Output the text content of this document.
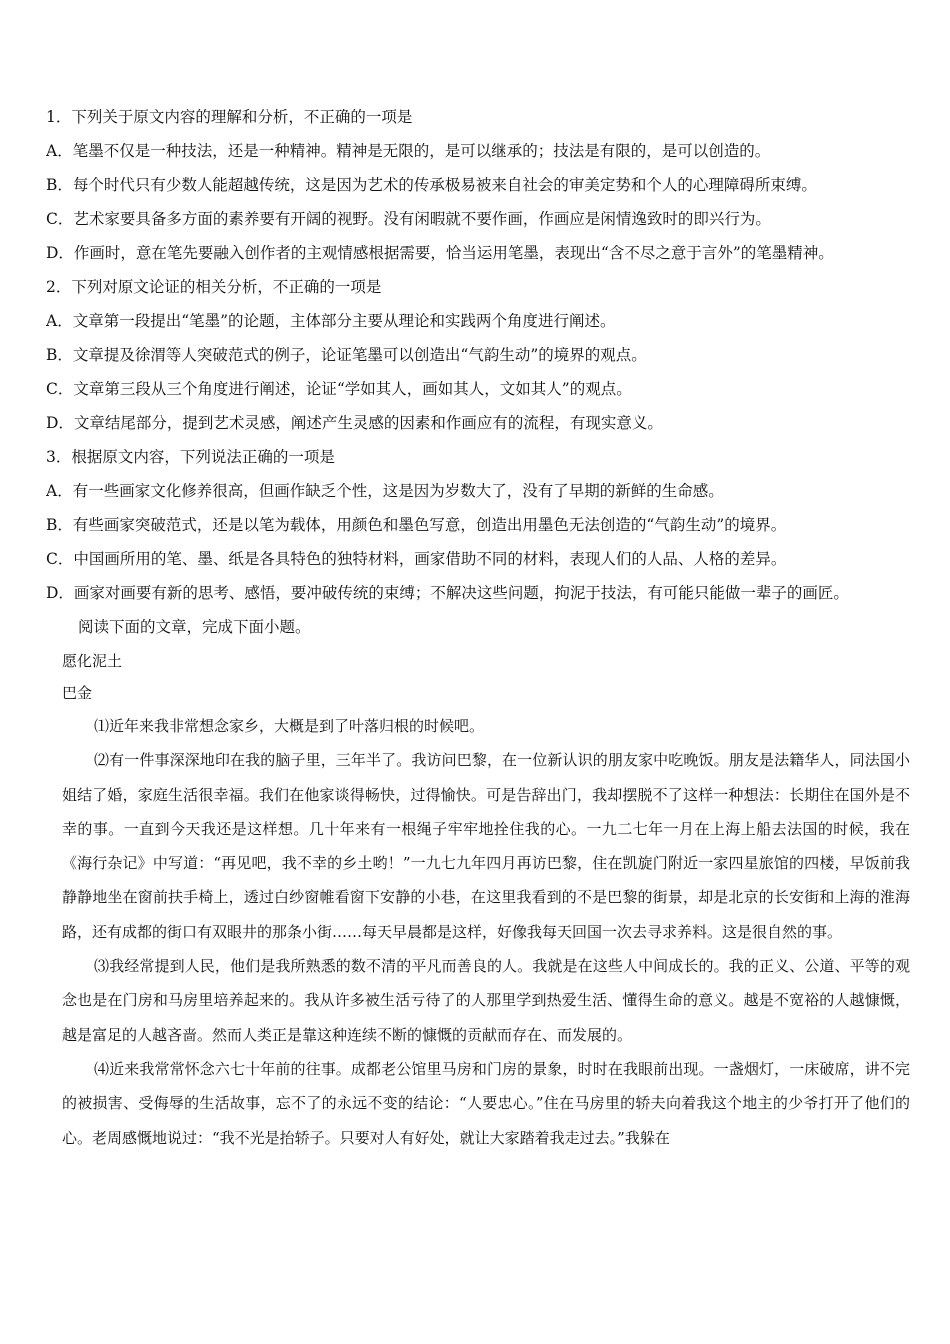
1．下列关于原文内容的理解和分析，不正确的一项是
A．笔墨不仅是一种技法，还是一种精神。精神是无限的，是可以继承的；技法是有限的，是可以创造的。
B．每个时代只有少数人能超越传统，这是因为艺术的传承极易被来自社会的审美定势和个人的心理障碍所束缚。
C．艺术家要具备多方面的素养要有开阔的视野。没有闲暇就不要作画，作画应是闲情逸致时的即兴行为。
D．作画时，意在笔先要融入创作者的主观情感根据需要，恰当运用笔墨，表现出“含不尽之意于言外”的笔墨精神。
2．下列对原文论证的相关分析，不正确的一项是
A．文章第一段提出“笔墨”的论题，主体部分主要从理论和实践两个角度进行阐述。
B．文章提及徐渭等人突破范式的例子，论证笔墨可以创造出“气韵生动”的境界的观点。
C．文章第三段从三个角度进行阐述，论证“学如其人，画如其人，文如其人”的观点。
D．文章结尾部分，提到艺术灵感，阐述产生灵感的因素和作画应有的流程，有现实意义。
3．根据原文内容，下列说法正确的一项是
A．有一些画家文化修养很高，但画作缺乏个性，这是因为岁数大了，没有了早期的新鲜的生命感。
B．有些画家突破范式，还是以笔为载体，用颜色和墨色写意，创造出用墨色无法创造的“气韵生动”的境界。
C．中国画所用的笔、墨、纸是各具特色的独特材料，画家借助不同的材料，表现人们的人品、人格的差异。
D．画家对画要有新的思考、感悟，要冲破传统的束缚；不解决这些问题，拘泥于技法，有可能只能做一辈子的画匠。
阅读下面的文章，完成下面小题。
愿化泥土
巴金

⑴近年来我非常想念家乡，大概是到了叶落归根的时候吧。

⑵有一件事深深地印在我的脑子里，三年半了。我访问巴黎，在一位新认识的朋友家中吃晚饭。朋友是法籍华人，同法国小姐结了婚，家庭生活很幸福。我们在他家谈得畅快，过得愉快。可是告辞出门，我却摆脱不了这样一种想法：长期住在国外是不幸的事。一直到今天我还是这样想。几十年来有一根绳子牢牢地拴住我的心。一九二七年一月在上海上船去法国的时候，我在《海行杂记》中写道：“再见吧，我不幸的乡土哟！”一九七九年四月再访巴黎，住在凯旋门附近一家四星旅馆的四楼，早饭前我静静地坐在窗前扶手椅上，透过白纱窗帷看窗下安静的小巷，在这里我看到的不是巴黎的街景，却是北京的长安街和上海的淮海路，还有成都的街口有双眼井的那条小街……每天早晨都是这样，好像我每天回国一次去寻求养料。这是很自然的事。

⑶我经常提到人民，他们是我所熟悉的数不清的平凡而善良的人。我就是在这些人中间成长的。我的正义、公道、平等的观念也是在门房和马房里培养起来的。我从许多被生活亏待了的人那里学到热爱生活、懂得生命的意义。越是不宽裕的人越慷慨，越是富足的人越吝啬。然而人类正是靠这种连续不断的慷慨的贡献而存在、而发展的。

⑷近来我常常怀念六七十年前的往事。成都老公馆里马房和门房的景象，时时在我眼前出现。一盏烟灯，一床破席，讲不完的被损害、受侮辱的生活故事，忘不了的永远不变的结论：“人要忠心。”住在马房里的轿夫向着我这个地主的少爷打开了他们的心。老周感慨地说过：“我不光是抬轿子。只要对人有好处，就让大家踏着我走过去。”我躲在
